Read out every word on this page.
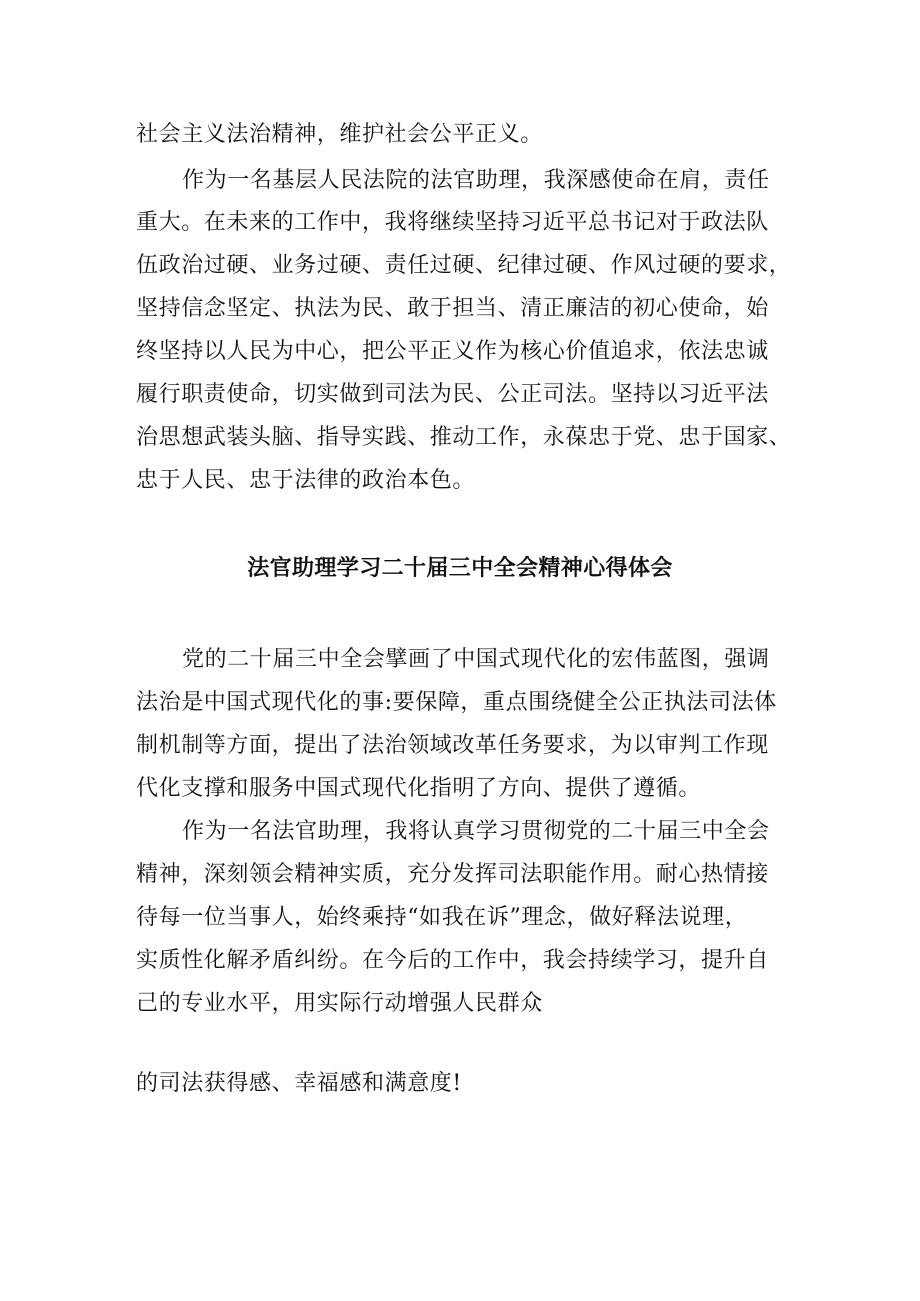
社会主义法治精神，维护社会公平正义。
作为一名基层人民法院的法官助理，我深感使命在肩，责任
重大。在未来的工作中，我将继续坚持习近平总书记对于政法队
伍政治过硬、业务过硬、责任过硬、纪律过硬、作风过硬的要求，
坚持信念坚定、执法为民、敢于担当、清正廉洁的初心使命，始
终坚持以人民为中心，把公平正义作为核心价值追求，依法忠诚
履行职责使命，切实做到司法为民、公正司法。坚持以习近平法
治思想武装头脑、指导实践、推动工作，永葆忠于党、忠于国家、
忠于人民、忠于法律的政治本色。
法官助理学习二十届三中全会精神心得体会
党的二十届三中全会擘画了中国式现代化的宏伟蓝图，强调
法治是中国式现代化的事:要保障，重点围绕健全公正执法司法体
制机制等方面，提出了法治领域改革任务要求，为以审判工作现
代化支撑和服务中国式现代化指明了方向、提供了遵循。
作为一名法官助理，我将认真学习贯彻党的二十届三中全会
精神，深刻领会精神实质，充分发挥司法职能作用。耐心热情接
待每一位当事人，始终乘持“如我在诉”理念，做好释法说理，
实质性化解矛盾纠纷。在今后的工作中，我会持续学习，提升自
己的专业水平，用实际行动增强人民群众
的司法获得感、幸福感和满意度!
